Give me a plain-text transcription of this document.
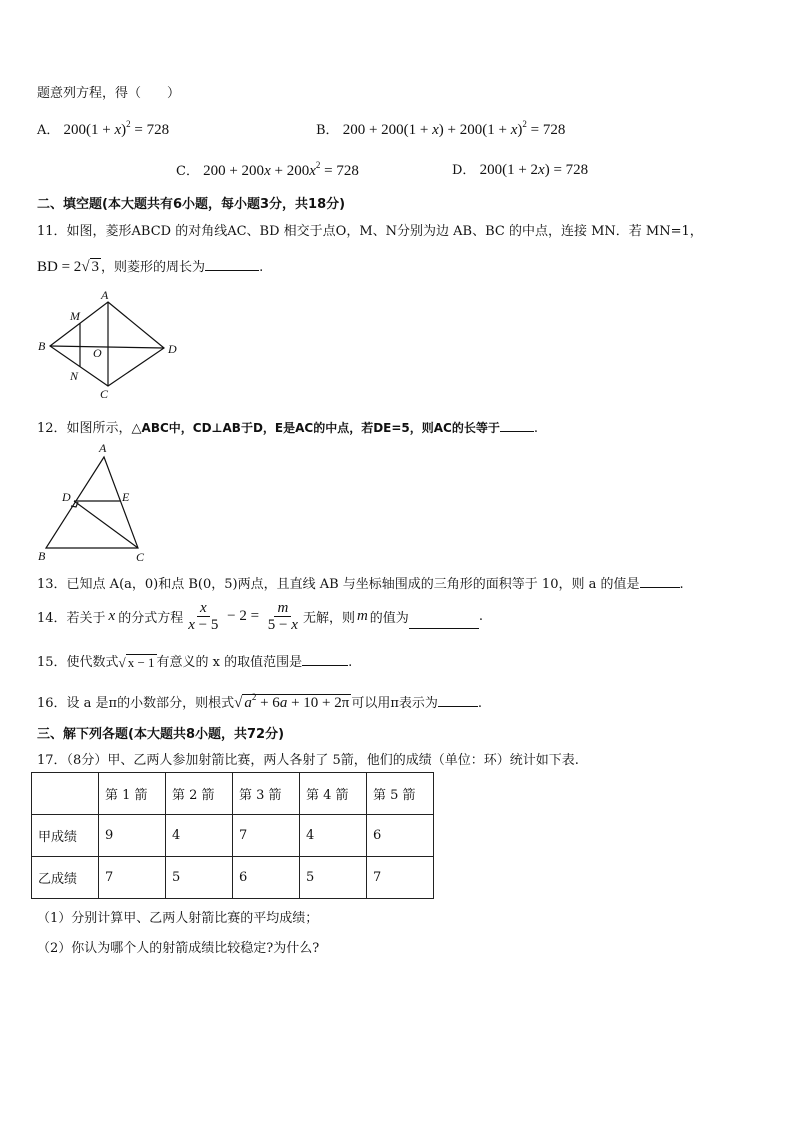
题意列方程，得（　　）
A． $200(1 + x)^2 = 728$	B． $200 + 200(1 + x) + 200(1 + x)^2 = 728$
C． $200 + 200x + 200x^2 = 728$	D． 200(1 + 2x) = 728
二、填空题(本大题共有6小题，每小题3分，共18分)
11．如图，菱形ABCD 的对角线AC、BD 相交于点O，M、N分别为边 AB、BC 的中点，连接 MN．若 MN=1，
BD = 2√ 3 ，则菱形的周长为	.
A
M
B	O	D
N
C
A
D	E
B	C
12．如图所示，△ABC中，CD⊥AB于D，E是AC的中点，若DE=5，则AC的长等于	.
13．已知点 A(a，0)和点 B(0，5)两点，且直线 AB 与坐标轴围成的三角形的面积等于 10，则 a 的值是	.
14．若关于 x 的分式方程 $\frac{x}{x - 5} - 2 = \frac{m}{5 - x}$ 无解，则 m 的值为	.
15．使代数式√ x − 1 有意义的 x 的取值范围是	.
16．设 a 是π的小数部分，则根式√ $a^2 + 6a + 10 + 2\pi$ 可以用π表示为	.
三、解下列各题(本大题共8小题，共72分)
17．（8分）甲、乙两人参加射箭比赛，两人各射了 5箭，他们的成绩（单位：环）统计如下表.
	第 1 箭	第 2 箭	第 3 箭	第 4 箭	第 5 箭
甲成绩	9	4	7	4	6
乙成绩	7	5	6	5	7
（1）分别计算甲、乙两人射箭比赛的平均成绩；
（2）你认为哪个人的射箭成绩比较稳定?为什么?
